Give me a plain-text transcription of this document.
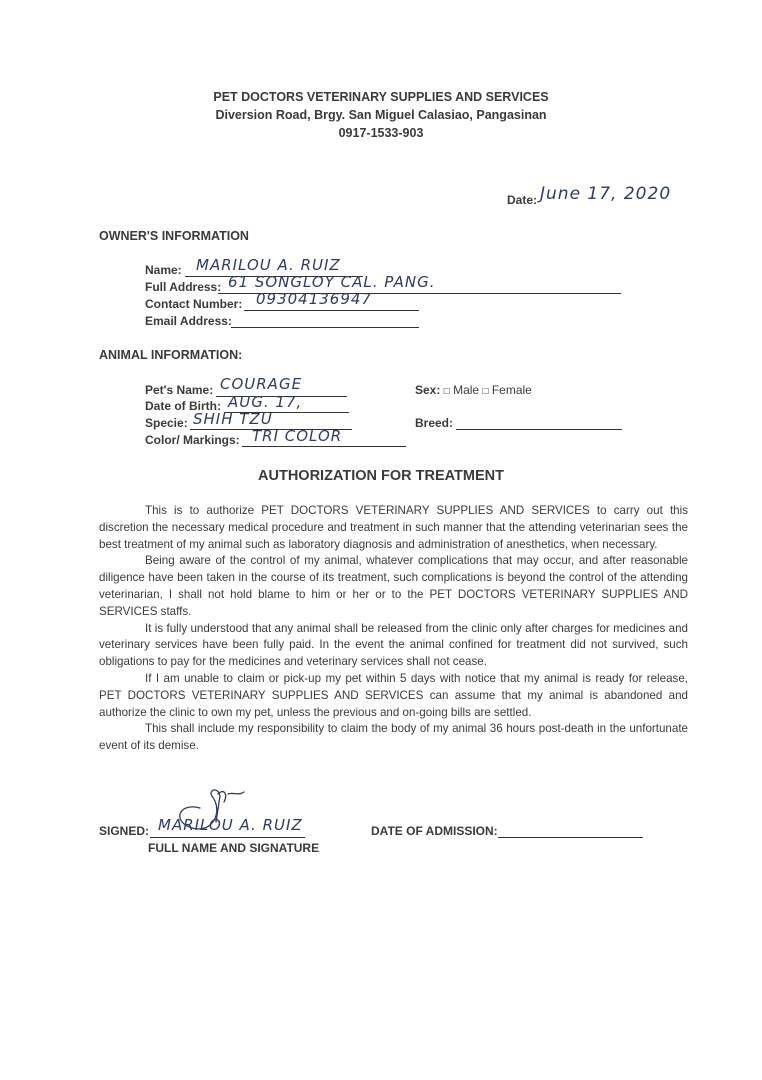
PET DOCTORS VETERINARY SUPPLIES AND SERVICES
Diversion Road, Brgy. San Miguel Calasiao, Pangasinan
0917-1533-903
Date: June 17, 2020
OWNER'S INFORMATION
Name: MARILOU A. RUIZ
Full Address: 61 SONGLOY CAL. PANG.
Contact Number: 09304136947
Email Address:
ANIMAL INFORMATION:
Pet's Name: COURAGE
Date of Birth: AUG. 17,
Specie: SHIH TZU
Color/ Markings: TRI COLOR
Sex: □ Male □ Female
Breed:
AUTHORIZATION FOR TREATMENT

This is to authorize PET DOCTORS VETERINARY SUPPLIES AND SERVICES to carry out this discretion the necessary medical procedure and treatment in such manner that the attending veterinarian sees the best treatment of my animal such as laboratory diagnosis and administration of anesthetics, when necessary.

Being aware of the control of my animal, whatever complications that may occur, and after reasonable diligence have been taken in the course of its treatment, such complications is beyond the control of the attending veterinarian, I shall not hold blame to him or her or to the PET DOCTORS VETERINARY SUPPLIES AND SERVICES staffs.

It is fully understood that any animal shall be released from the clinic only after charges for medicines and veterinary services have been fully paid. In the event the animal confined for treatment did not survived, such obligations to pay for the medicines and veterinary services shall not cease.

If I am unable to claim or pick-up my pet within 5 days with notice that my animal is ready for release, PET DOCTORS VETERINARY SUPPLIES AND SERVICES can assume that my animal is abandoned and authorize the clinic to own my pet, unless the previous and on-going bills are settled.

This shall include my responsibility to claim the body of my animal 36 hours post-death in the unfortunate event of its demise.

SIGNED: MARILOU A. RUIZ
FULL NAME AND SIGNATURE
DATE OF ADMISSION:
